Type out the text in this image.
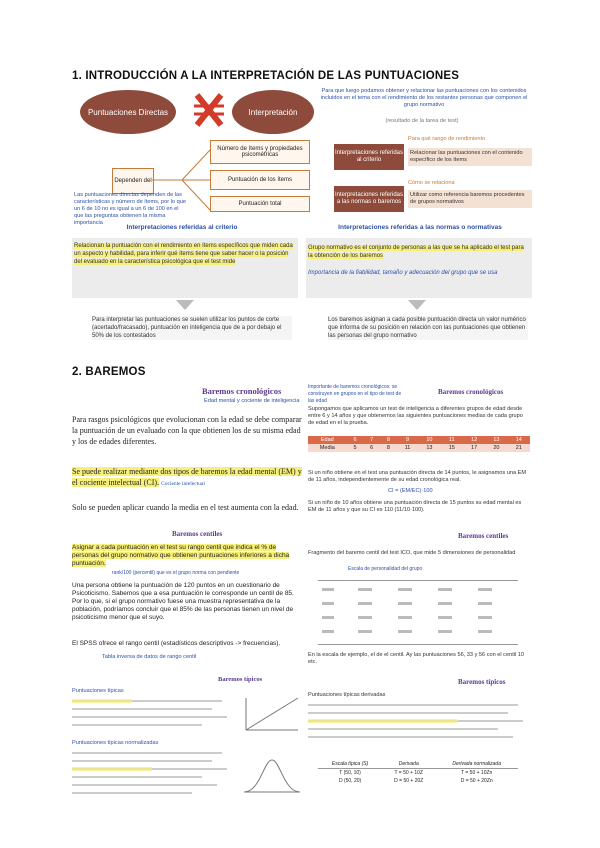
1. INTRODUCCIÓN A LA INTERPRETACIÓN DE LAS PUNTUACIONES
Puntuaciones Directas	Interpretación
Para que luego podamos obtener y relacionar las puntuaciones con los contenidos incluidos en el tema con el rendimiento de los restantes personas que componen el grupo normativo
(resultado de la tarea de test)
Dependen del
Número de ítems y propiedades psicométricas
Puntuación de los ítems
Puntuación total
Las puntuaciones directas dependen de las características y número de ítems, por lo que un 6 de 10 no es igual a un 6 de 100 en el que las preguntas obtienen la misma importancia
Para qué rango de rendimiento
Interpretaciones referidas al criterio
Relacionar las puntuaciones con el contenido específico de los ítems
Cómo se relaciona
Interpretaciones referidas a las normas o baremos
Utilizar como referencia baremos procedentes de grupos normativos
Interpretaciones referidas al criterio	Interpretaciones referidas a las normas o normativas
Relacionan la puntuación con el rendimiento en ítems específicos que miden cada un aspecto y habilidad, para inferir qué ítems tiene que saber hacer o la posición del evaluado en la característica psicológica que el test mide
Grupo normativo es el conjunto de personas a las que se ha aplicado el test para la obtención de los baremos
Importancia de la fiabilidad, tamaño y adecuación del grupo que se usa
Para interpretar las puntuaciones se suelen utilizar los puntos de corte (acertado/fracasado), puntuación en inteligencia que de a por debajo el 50% de los contestados
Los baremos asignan a cada posible puntuación directa un valor numérico que informa de su posición en relación con las puntuaciones que obtienen las personas del grupo normativo
2. BAREMOS
Baremos cronológicos
Edad mental y cociente de inteligencia
Para rasgos psicológicos que evolucionan con la edad se debe comparar la puntuación de un evaluado con la que obtienen los de su misma edad y los de edades diferentes.
Se puede realizar mediante dos tipos de baremos la edad mental (EM) y el cociente intelectual (CI). Cociente intelectual
Solo se pueden aplicar cuando la media en el test aumenta con la edad.
Importante de baremos cronológicos: se construyen en grupos en el tipo de test de las edad
Baremos cronológicos
Supongamos que aplicamos un test de inteligencia a diferentes grupos de edad desde entre 6 y 14 años y que obtenemos las siguientes puntuaciones medias de cada grupo de edad en el la prueba.
Edad	6	7	8	9	10	11	12	13	14
Media	5	6	8	11	13	15	17	20	21
Si un niño obtiene en el test una puntuación directa de 14 puntos, le asignamos una EM de 11 años, independientemente de su edad cronológica real.
CI = (EM/EC)·100
Si un niño de 10 años obtiene una puntuación directa de 15 puntos su edad mental es EM de 11 años y que su CI es 110 (11/10·100).
Baremos centiles
Asignar a cada puntuación en el test su rango centil que indica el % de personas del grupo normativo que obtienen puntuaciones inferiores a dicha puntuación.
rank/100 (percentil) que es el grupo norma con pendiente
Una persona obtiene la puntuación de 120 puntos en un cuestionario de Psicoticismo. Sabemos que a esa puntuación le corresponde un centil de 85. Por lo que, si el grupo normativo fuese una muestra representativa de la población, podríamos concluir que el 85% de las personas tienen un nivel de psicoticismo menor que el suyo.
El SPSS ofrece el rango centil (estadísticos descriptivos -> frecuencias).
Tabla inversa de datos de rango centil
Baremos centiles
Fragmento del baremo centil del test ICO, que mide 5 dimensiones de personalidad
Escala de personalidad del grupo
En la escala de ejemplo, el de el centil. Ay las puntuaciones 56, 33 y 56 con el centil 10 etc.
Baremos típicos
Puntuaciones típicas
Puntuaciones típicas normalizadas
Baremos típicos
Puntuaciones típicas derivadas
Escala típica (S)	Derivada	Derivada normalizada
T (50, 10)	T = 50 + 10Z	T = 50 + 10Zn
D (50, 20)	D = 50 + 20Z	D = 50 + 20Zn
